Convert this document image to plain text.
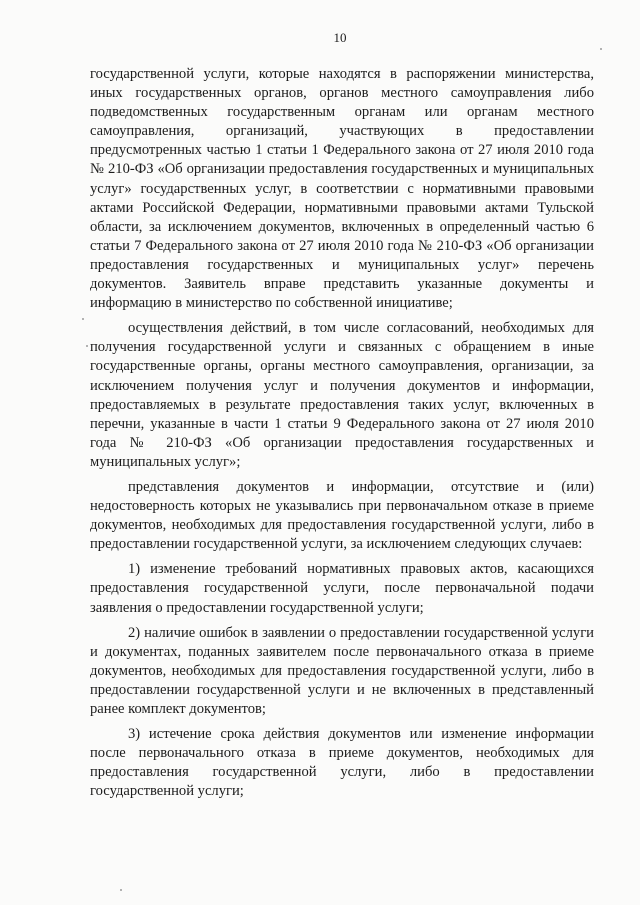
10

государственной услуги, которые находятся в распоряжении министерства, иных государственных органов, органов местного самоуправления либо подведомственных государственным органам или органам местного самоуправления, организаций, участвующих в предоставлении предусмотренных частью 1 статьи 1 Федерального закона от 27 июля 2010 года № 210-ФЗ «Об организации предоставления государственных и муниципальных услуг» государственных услуг, в соответствии с нормативными правовыми актами Российской Федерации, нормативными правовыми актами Тульской области, за исключением документов, включенных в определенный частью 6 статьи 7 Федерального закона от 27 июля 2010 года № 210-ФЗ «Об организации предоставления государственных и муниципальных услуг» перечень документов. Заявитель вправе представить указанные документы и информацию в министерство по собственной инициативе;

осуществления действий, в том числе согласований, необходимых для получения государственной услуги и связанных с обращением в иные государственные органы, органы местного самоуправления, организации, за исключением получения услуг и получения документов и информации, предоставляемых в результате предоставления таких услуг, включенных в перечни, указанные в части 1 статьи 9 Федерального закона от 27 июля 2010 года № 210-ФЗ «Об организации предоставления государственных и муниципальных услуг»;

представления документов и информации, отсутствие и (или) недостоверность которых не указывались при первоначальном отказе в приеме документов, необходимых для предоставления государственной услуги, либо в предоставлении государственной услуги, за исключением следующих случаев:

1) изменение требований нормативных правовых актов, касающихся предоставления государственной услуги, после первоначальной подачи заявления о предоставлении государственной услуги;

2) наличие ошибок в заявлении о предоставлении государственной услуги и документах, поданных заявителем после первоначального отказа в приеме документов, необходимых для предоставления государственной услуги, либо в предоставлении государственной услуги и не включенных в представленный ранее комплект документов;

3) истечение срока действия документов или изменение информации после первоначального отказа в приеме документов, необходимых для предоставления государственной услуги, либо в предоставлении государственной услуги;
